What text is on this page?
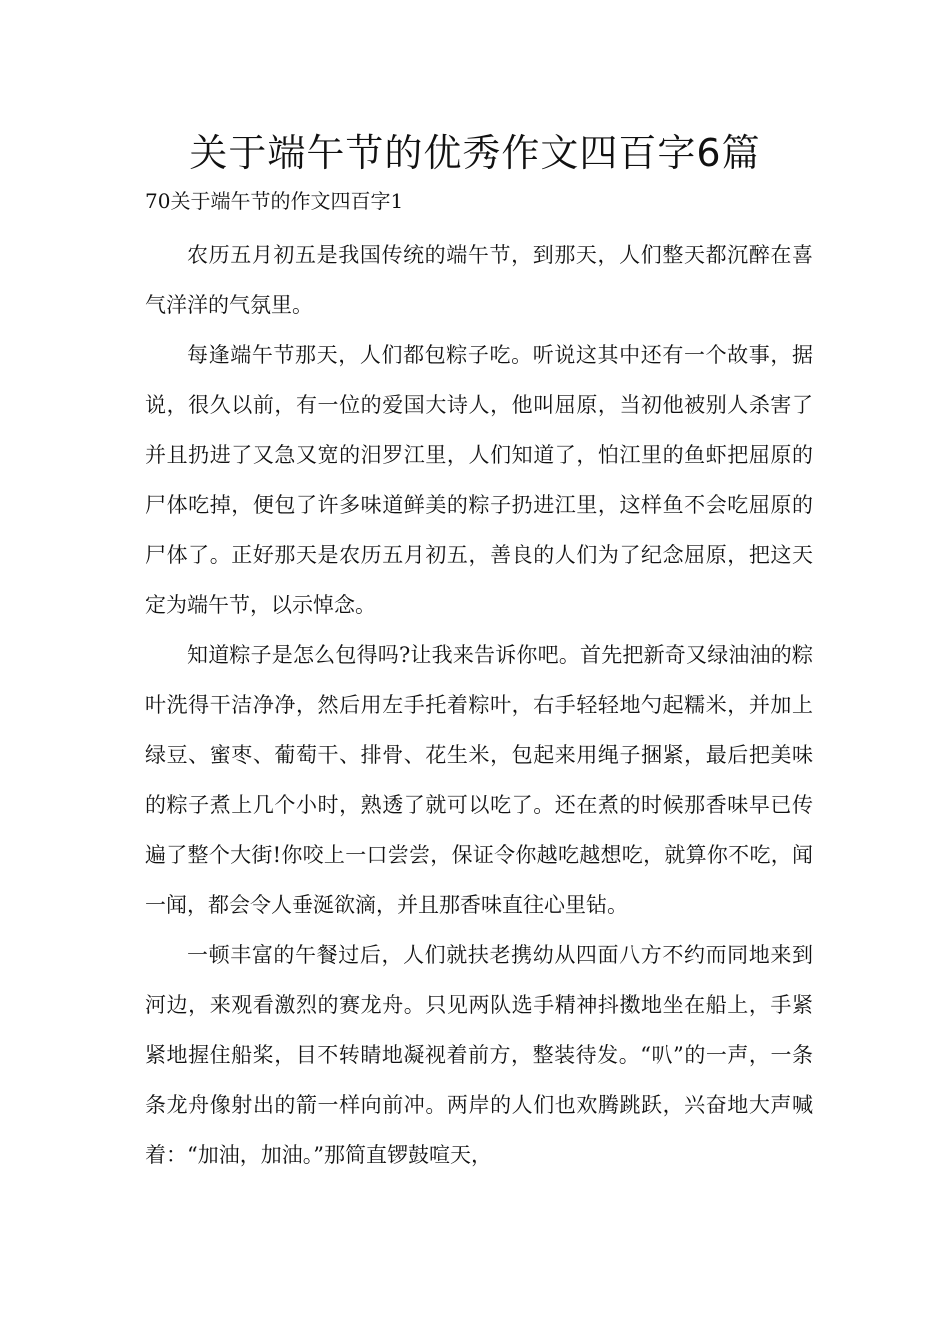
关于端午节的优秀作文四百字6篇

70关于端午节的作文四百字1

农历五月初五是我国传统的端午节，到那天，人们整天都沉醉在喜气洋洋的气氛里。

每逢端午节那天，人们都包粽子吃。听说这其中还有一个故事，据说，很久以前，有一位的爱国大诗人，他叫屈原，当初他被别人杀害了并且扔进了又急又宽的汨罗江里，人们知道了，怕江里的鱼虾把屈原的尸体吃掉，便包了许多味道鲜美的粽子扔进江里，这样鱼不会吃屈原的尸体了。正好那天是农历五月初五，善良的人们为了纪念屈原，把这天定为端午节，以示悼念。

知道粽子是怎么包得吗?让我来告诉你吧。首先把新奇又绿油油的粽叶洗得干洁净净，然后用左手托着粽叶，右手轻轻地勺起糯米，并加上绿豆、蜜枣、葡萄干、排骨、花生米，包起来用绳子捆紧，最后把美味的粽子煮上几个小时，熟透了就可以吃了。还在煮的时候那香味早已传遍了整个大街!你咬上一口尝尝，保证令你越吃越想吃，就算你不吃，闻一闻，都会令人垂涎欲滴，并且那香味直往心里钻。

一顿丰富的午餐过后，人们就扶老携幼从四面八方不约而同地来到河边，来观看激烈的赛龙舟。只见两队选手精神抖擞地坐在船上，手紧紧地握住船桨，目不转睛地凝视着前方，整装待发。“叭”的一声，一条条龙舟像射出的箭一样向前冲。两岸的人们也欢腾跳跃，兴奋地大声喊着：“加油，加油。”那简直锣鼓喧天，
